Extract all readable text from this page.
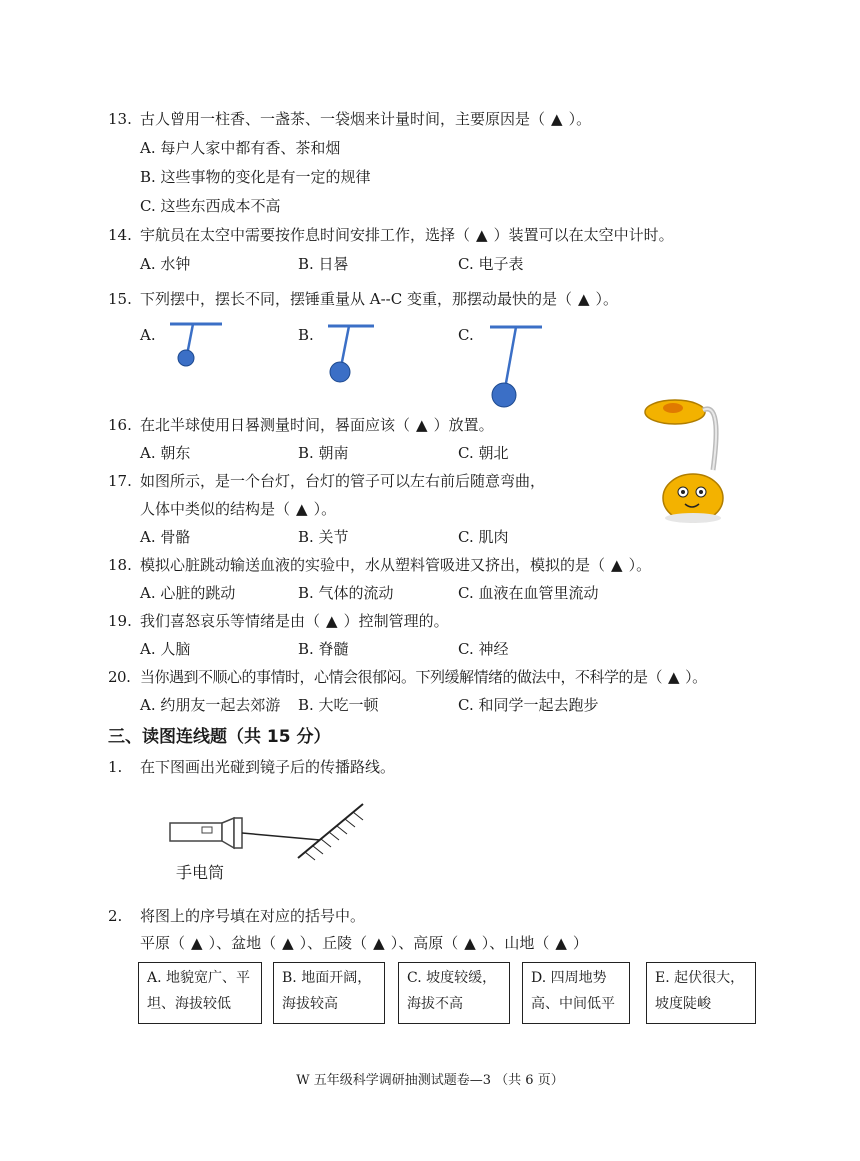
13. 古人曾用一柱香、一盏茶、一袋烟来计量时间，主要原因是（ ▲ ）。
A. 每户人家中都有香、茶和烟
B. 这些事物的变化是有一定的规律
C. 这些东西成本不高
14. 宇航员在太空中需要按作息时间安排工作，选择（ ▲ ）装置可以在太空中计时。
A. 水钟	B. 日晷	C. 电子表
15. 下列摆中，摆长不同，摆锤重量从 A--C 变重，那摆动最快的是（ ▲ ）。
A.	B.	C.
16. 在北半球使用日晷测量时间，晷面应该（ ▲ ）放置。
A. 朝东	B. 朝南	C. 朝北
17. 如图所示，是一个台灯，台灯的管子可以左右前后随意弯曲，
人体中类似的结构是（ ▲ ）。
A. 骨骼	B. 关节	C. 肌肉
18. 模拟心脏跳动输送血液的实验中，水从塑料管吸进又挤出，模拟的是（ ▲ ）。
A. 心脏的跳动	B. 气体的流动	C. 血液在血管里流动
19. 我们喜怒哀乐等情绪是由（ ▲ ）控制管理的。
A. 人脑	B. 脊髓	C. 神经
20. 当你遇到不顺心的事情时，心情会很郁闷。下列缓解情绪的做法中，不科学的是（ ▲ ）。
A. 约朋友一起去郊游 B. 大吃一顿	C. 和同学一起去跑步
三、读图连线题（共 15 分）
1. 在下图画出光碰到镜子后的传播路线。
手电筒
2. 将图上的序号填在对应的括号中。
平原（ ▲ ）、盆地（ ▲ ）、丘陵（ ▲ ）、高原（ ▲ ）、山地（ ▲ ）
A. 地貌宽广、平
坦、海拔较低
B. 地面开阔，
海拔较高
C. 坡度较缓，
海拔不高
D. 四周地势
高、中间低平
E. 起伏很大，
坡度陡峻
W 五年级科学调研抽测试题卷—3 （共 6 页）
